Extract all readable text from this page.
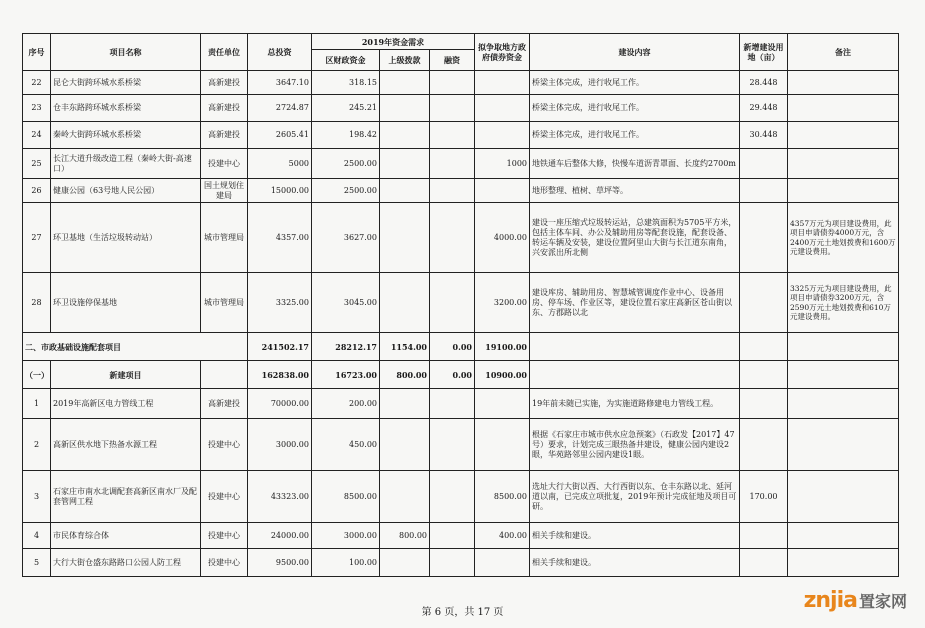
序号	项目名称	责任单位	总投资	2019年资金需求			拟争取地方政府债券资金	建设内容	新增建设用地（亩）	备注
				区财政资金	上级拨款	融资				
22	昆仑大街跨环城水系桥梁	高新建投	3647.10	318.15				桥梁主体完成，进行收尾工作。	28.448	
23	仓丰东路跨环城水系桥梁	高新建投	2724.87	245.21				桥梁主体完成，进行收尾工作。	29.448	
24	秦岭大街跨环城水系桥梁	高新建投	2605.41	198.42				桥梁主体完成，进行收尾工作。	30.448	
25	长江大道升级改造工程（秦岭大街-高速口）	投建中心	5000	2500.00			1000	地铁通车后整体大修，快慢车道沥青罩面、长度约2700m		
26	健康公园（63号地人民公园）	国土规划住建局	15000.00	2500.00				地形整理、植树、草坪等。		
27	环卫基地（生活垃圾转动站）	城市管理局	4357.00	3627.00			4000.00	建设一座压缩式垃圾转运站，总建筑面积为5705平方米，包括主体车间、办公及辅助用房等配套设施，配套设备、转运车辆及安装，建设位置阿里山大街与长江道东南角，兴安派出所北侧		4357万元为项目建设费用，此项目申请债券4000万元，含2400万元土地划拨费和1600万元建设费用。
28	环卫设施停保基地	城市管理局	3325.00	3045.00			3200.00	建设库房、辅助用房、智慧城管调度作业中心、设备用房、停车场、作业区等，建设位置石家庄高新区苍山街以东、方郡路以北		3325万元为项目建设费用，此项目申请债券3200万元，含2590万元土地划拨费和610万元建设费用。
二、市政基础设施配套项目			241502.17	28212.17	1154.00	0.00	19100.00			
（一）	新建项目		162838.00	16723.00	800.00	0.00	10900.00			
1	2019年高新区电力管线工程	高新建投	70000.00	200.00				19年前未随已实施，为实施道路修建电力管线工程。		
2	高新区供水地下热备水源工程	投建中心	3000.00	450.00				根据《石家庄市城市供水应急预案》（石政发【2017】47号）要求，计划完成三眼热备井建设，健康公园内建设2眼，华苑路邻里公园内建设1眼。		
3	石家庄市南水北调配套高新区南水厂及配套管网工程	投建中心	43323.00	8500.00			8500.00	选址大行大街以西、大行西街以东、仓丰东路以北、延河道以南，已完成立项批复，2019年预计完成征地及项目可研。	170.00	
4	市民体育综合体	投建中心	24000.00	3000.00	800.00		400.00	相关手续和建设。		
5	大行大街仓盛东路路口公园人防工程	投建中心	9500.00	100.00				相关手续和建设。		
第 6 页，共 17 页	znjia 置家网
